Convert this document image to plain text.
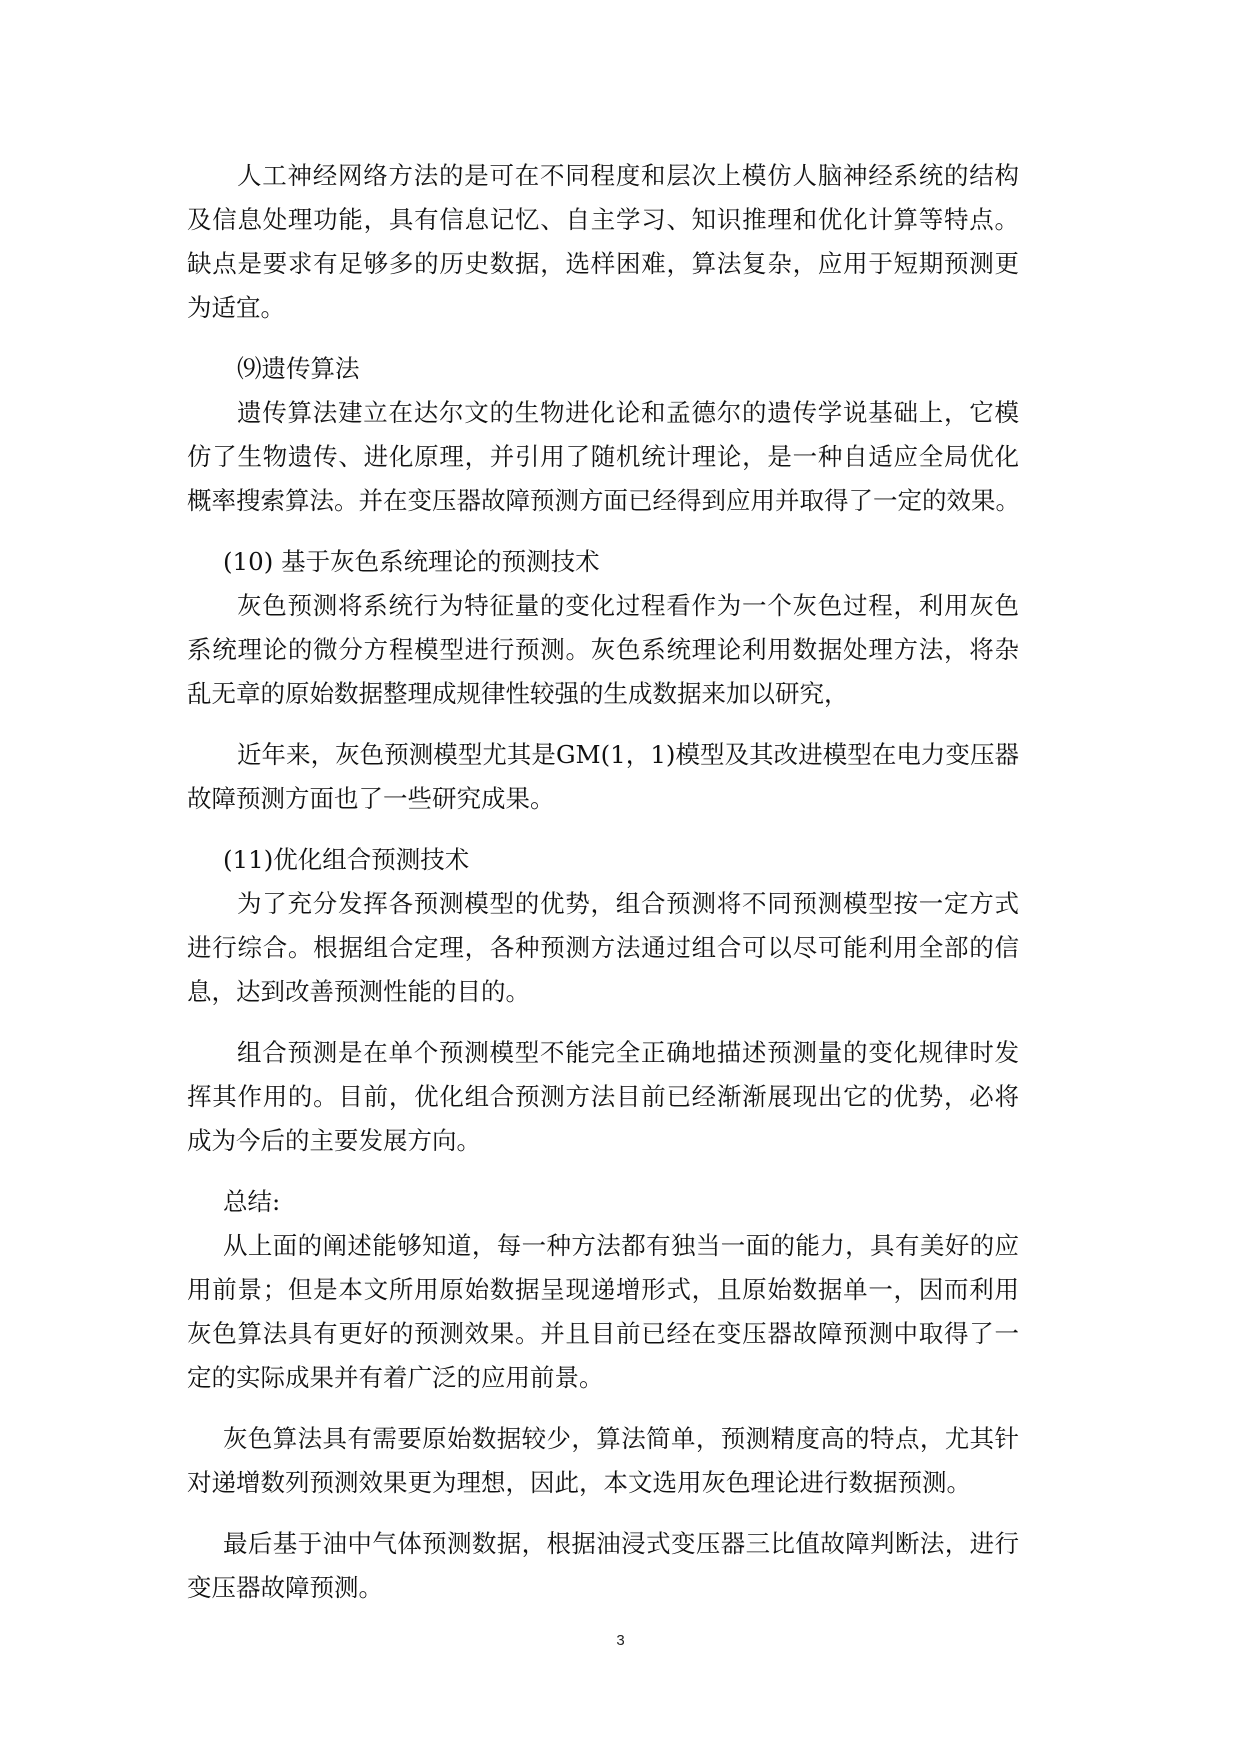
人工神经网络方法的是可在不同程度和层次上模仿人脑神经系统的结构
及信息处理功能，具有信息记忆、自主学习、知识推理和优化计算等特点。
缺点是要求有足够多的历史数据，选样困难，算法复杂，应用于短期预测更
为适宜。
⑼遗传算法
遗传算法建立在达尔文的生物进化论和孟德尔的遗传学说基础上，它模
仿了生物遗传、进化原理，并引用了随机统计理论，是一种自适应全局优化
概率搜索算法。并在变压器故障预测方面已经得到应用并取得了一定的效果。
(10) 基于灰色系统理论的预测技术
灰色预测将系统行为特征量的变化过程看作为一个灰色过程，利用灰色
系统理论的微分方程模型进行预测。灰色系统理论利用数据处理方法，将杂
乱无章的原始数据整理成规律性较强的生成数据来加以研究，
近年来，灰色预测模型尤其是GM(1，1)模型及其改进模型在电力变压器
故障预测方面也了一些研究成果。
(11)优化组合预测技术
为了充分发挥各预测模型的优势，组合预测将不同预测模型按一定方式
进行综合。根据组合定理，各种预测方法通过组合可以尽可能利用全部的信
息，达到改善预测性能的目的。
组合预测是在单个预测模型不能完全正确地描述预测量的变化规律时发
挥其作用的。目前，优化组合预测方法目前已经渐渐展现出它的优势，必将
成为今后的主要发展方向。
总结:
从上面的阐述能够知道，每一种方法都有独当一面的能力，具有美好的应
用前景；但是本文所用原始数据呈现递增形式，且原始数据单一，因而利用
灰色算法具有更好的预测效果。并且目前已经在变压器故障预测中取得了一
定的实际成果并有着广泛的应用前景。
灰色算法具有需要原始数据较少，算法简单，预测精度高的特点，尤其针
对递增数列预测效果更为理想，因此，本文选用灰色理论进行数据预测。
最后基于油中气体预测数据，根据油浸式变压器三比值故障判断法，进行
变压器故障预测。
3
